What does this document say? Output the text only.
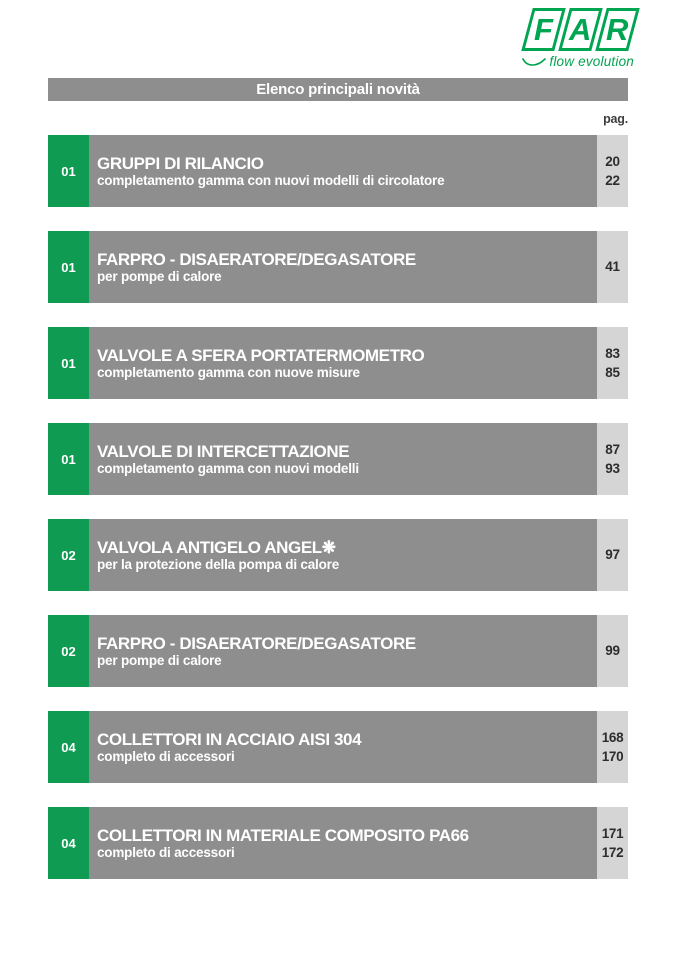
F A R
flow evolution
Elenco principali novità
pag.
01	GRUPPI DI RILANCIO
completamento gamma con nuovi modelli di circolatore
20
22
01	FARPRO - DISAERATORE/DEGASATORE
per pompe di calore
41
01	VALVOLE A SFERA PORTATERMOMETRO
completamento gamma con nuove misure
83
85
01	VALVOLE DI INTERCETTAZIONE
completamento gamma con nuovi modelli
87
93
02	VALVOLA ANTIGELO ANGEL❋
per la protezione della pompa di calore
97
02	FARPRO - DISAERATORE/DEGASATORE
per pompe di calore
99
04	COLLETTORI IN ACCIAIO AISI 304
completo di accessori
168
170
04	COLLETTORI IN MATERIALE COMPOSITO PA66
completo di accessori
171
172
